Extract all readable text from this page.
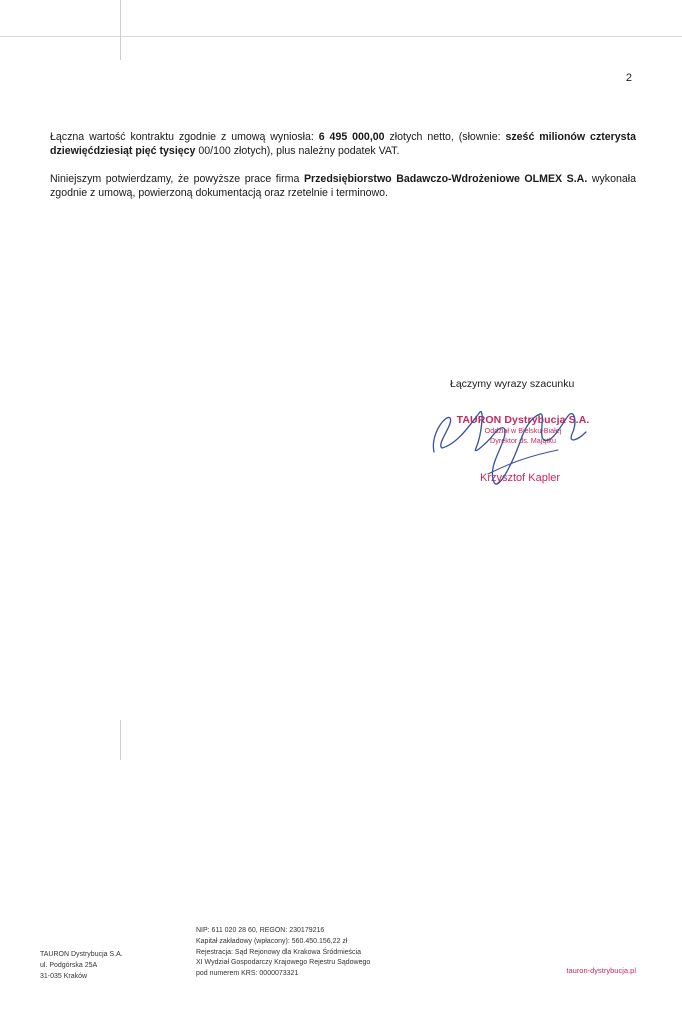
2

Łączna wartość kontraktu zgodnie z umową wyniosła: 6 495 000,00 złotych netto, (słownie: sześć milionów czterysta dziewięćdziesiąt pięć tysięcy 00/100 złotych), plus należny podatek VAT.

Niniejszym potwierdzamy, że powyższe prace firma Przedsiębiorstwo Badawczo-Wdrożeniowe OLMEX S.A. wykonała zgodnie z umową, powierzoną dokumentacją oraz rzetelnie i terminowo.

Łączymy wyrazy szacunku
TAURON Dystrybucja S.A.
Oddział w Bielsku-Białej
Dyrektor ds. Majątku
Krzysztof Kapler
TAURON Dystrybucja S.A.
ul. Podgórska 25A
31-035 Kraków
NIP: 611 020 28 60, REGON: 230179216
Kapitał zakładowy (wpłacony): 560.450.156,22 zł
Rejestracja: Sąd Rejonowy dla Krakowa Śródmieścia
XI Wydział Gospodarczy Krajowego Rejestru Sądowego
pod numerem KRS: 0000073321	tauron-dystrybucja.pl
